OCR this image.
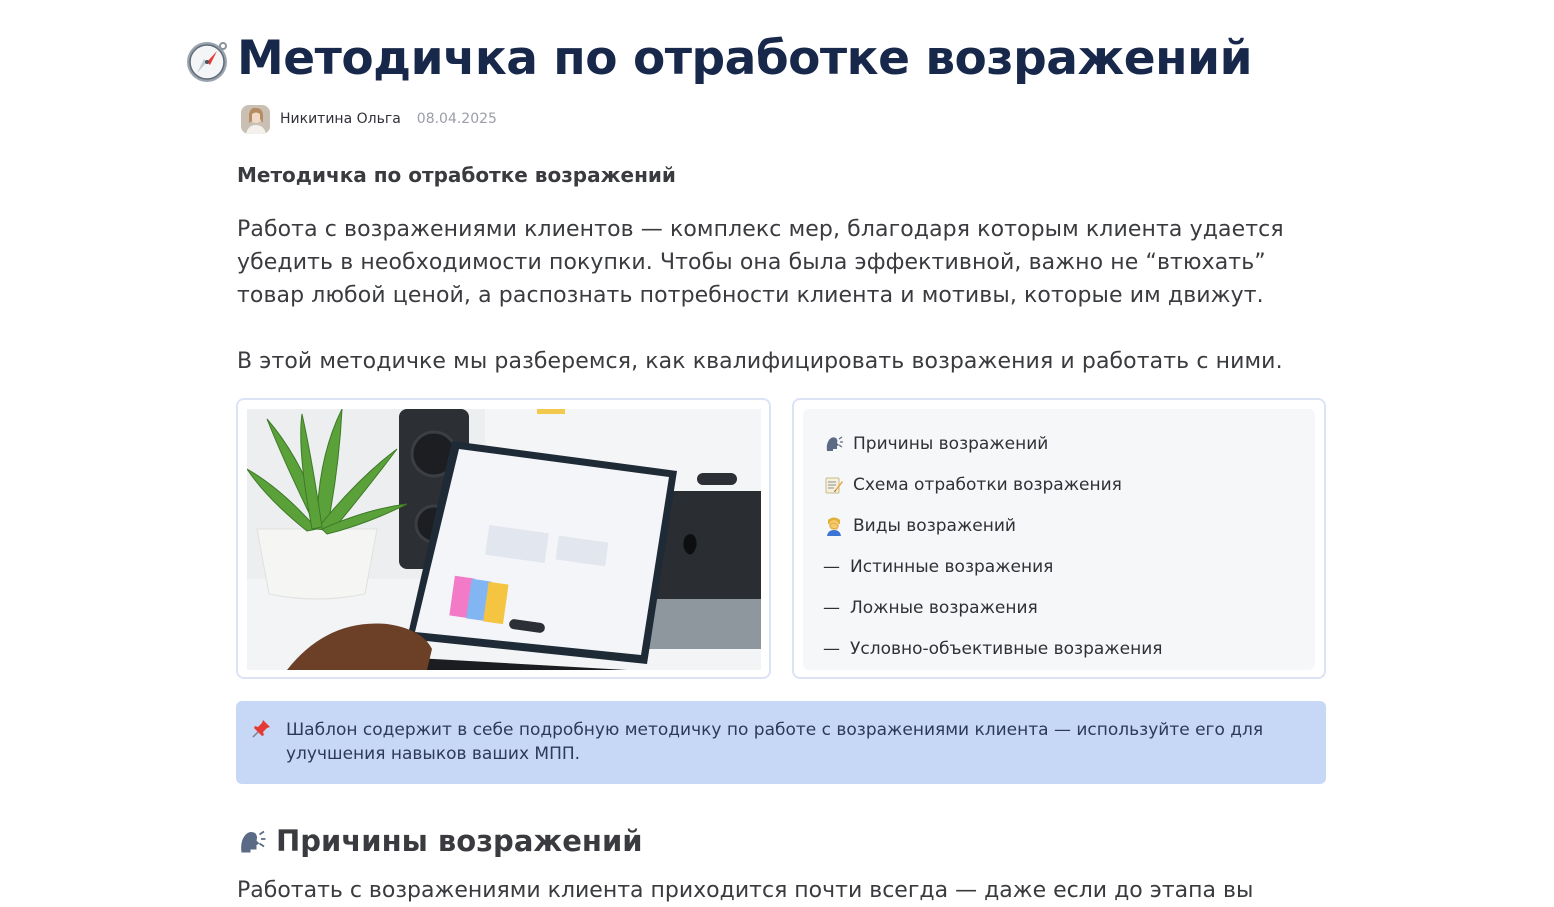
Методичка по отработке возражений
Никитина Ольга 08.04.2025
Методичка по отработке возражений

Работа с возражениями клиентов — комплекс мер, благодаря которым клиента удается убедить в необходимости покупки. Чтобы она была эффективной, важно не “втюхать” товар любой ценой, а распознать потребности клиента и мотивы, которые им движут.

В этой методичке мы разберемся, как квалифицировать возражения и работать с ними.

Причины возражений
Схема отработки возражения
Виды возражений
— Истинные возражения
— Ложные возражения
— Условно-объективные возражения
Шаблон содержит в себе подробную методичку по работе с возражениями клиента — используйте его для улучшения навыков ваших МПП.
Причины возражений
Работать с возражениями клиента приходится почти всегда — даже если до этапа вы
